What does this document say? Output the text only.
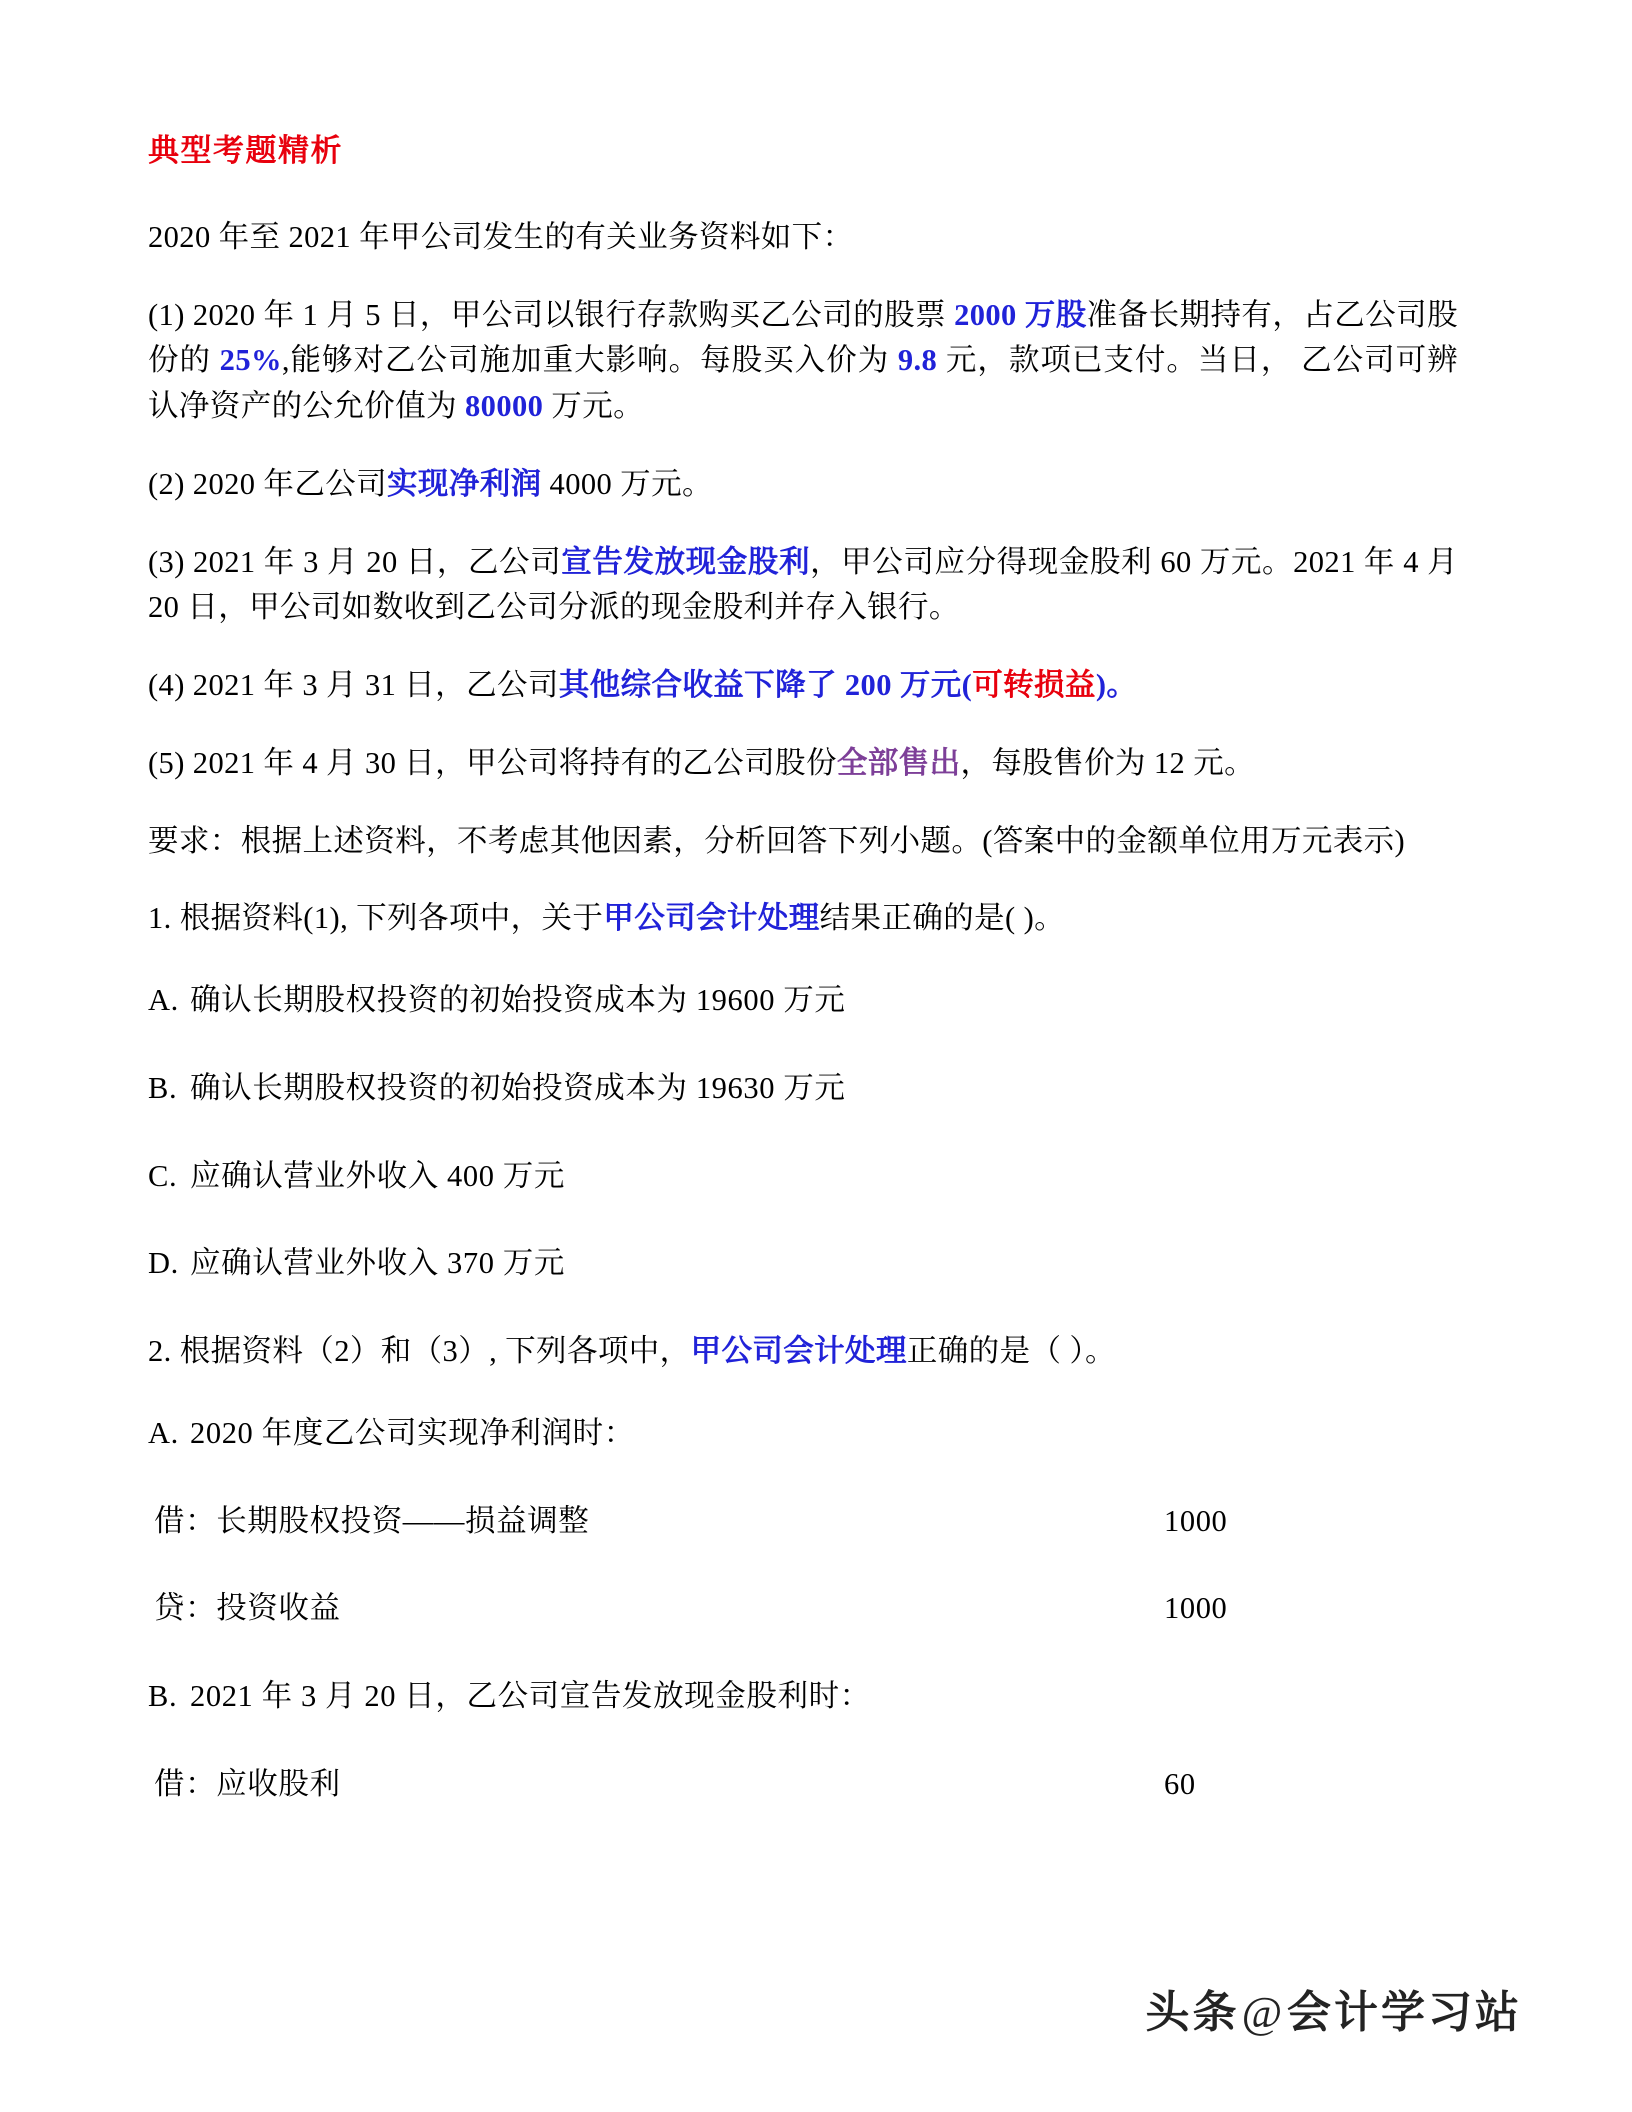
典型考题精析

2020 年至 2021 年甲公司发生的有关业务资料如下：

(1) 2020 年 1 月 5 日，甲公司以银行存款购买乙公司的股票 2000 万股准备长期持有，占乙公司股份的 25%,能够对乙公司施加重大影响。每股买入价为 9.8 元，款项已支付。当日， 乙公司可辨认净资产的公允价值为 80000 万元。

(2) 2020 年乙公司实现净利润 4000 万元。

(3) 2021 年 3 月 20 日，乙公司宣告发放现金股利，甲公司应分得现金股利 60 万元。2021 年 4 月 20 日，甲公司如数收到乙公司分派的现金股利并存入银行。

(4) 2021 年 3 月 31 日，乙公司其他综合收益下降了 200 万元(可转损益)。

(5) 2021 年 4 月 30 日，甲公司将持有的乙公司股份全部售出，每股售价为 12 元。

要求：根据上述资料，不考虑其他因素，分析回答下列小题。(答案中的金额单位用万元表示)

1. 根据资料(1), 下列各项中，关于甲公司会计处理结果正确的是( )。

A. 确认长期股权投资的初始投资成本为 19600 万元

B. 确认长期股权投资的初始投资成本为 19630 万元

C. 应确认营业外收入 400 万元

D. 应确认营业外收入 370 万元

2. 根据资料（2）和（3）, 下列各项中，甲公司会计处理正确的是（ ）。

A. 2020 年度乙公司实现净利润时：

借：长期股权投资——损益调整	1000
贷：投资收益	1000

B. 2021 年 3 月 20 日，乙公司宣告发放现金股利时：

借：应收股利	60
头条@会计学习站
